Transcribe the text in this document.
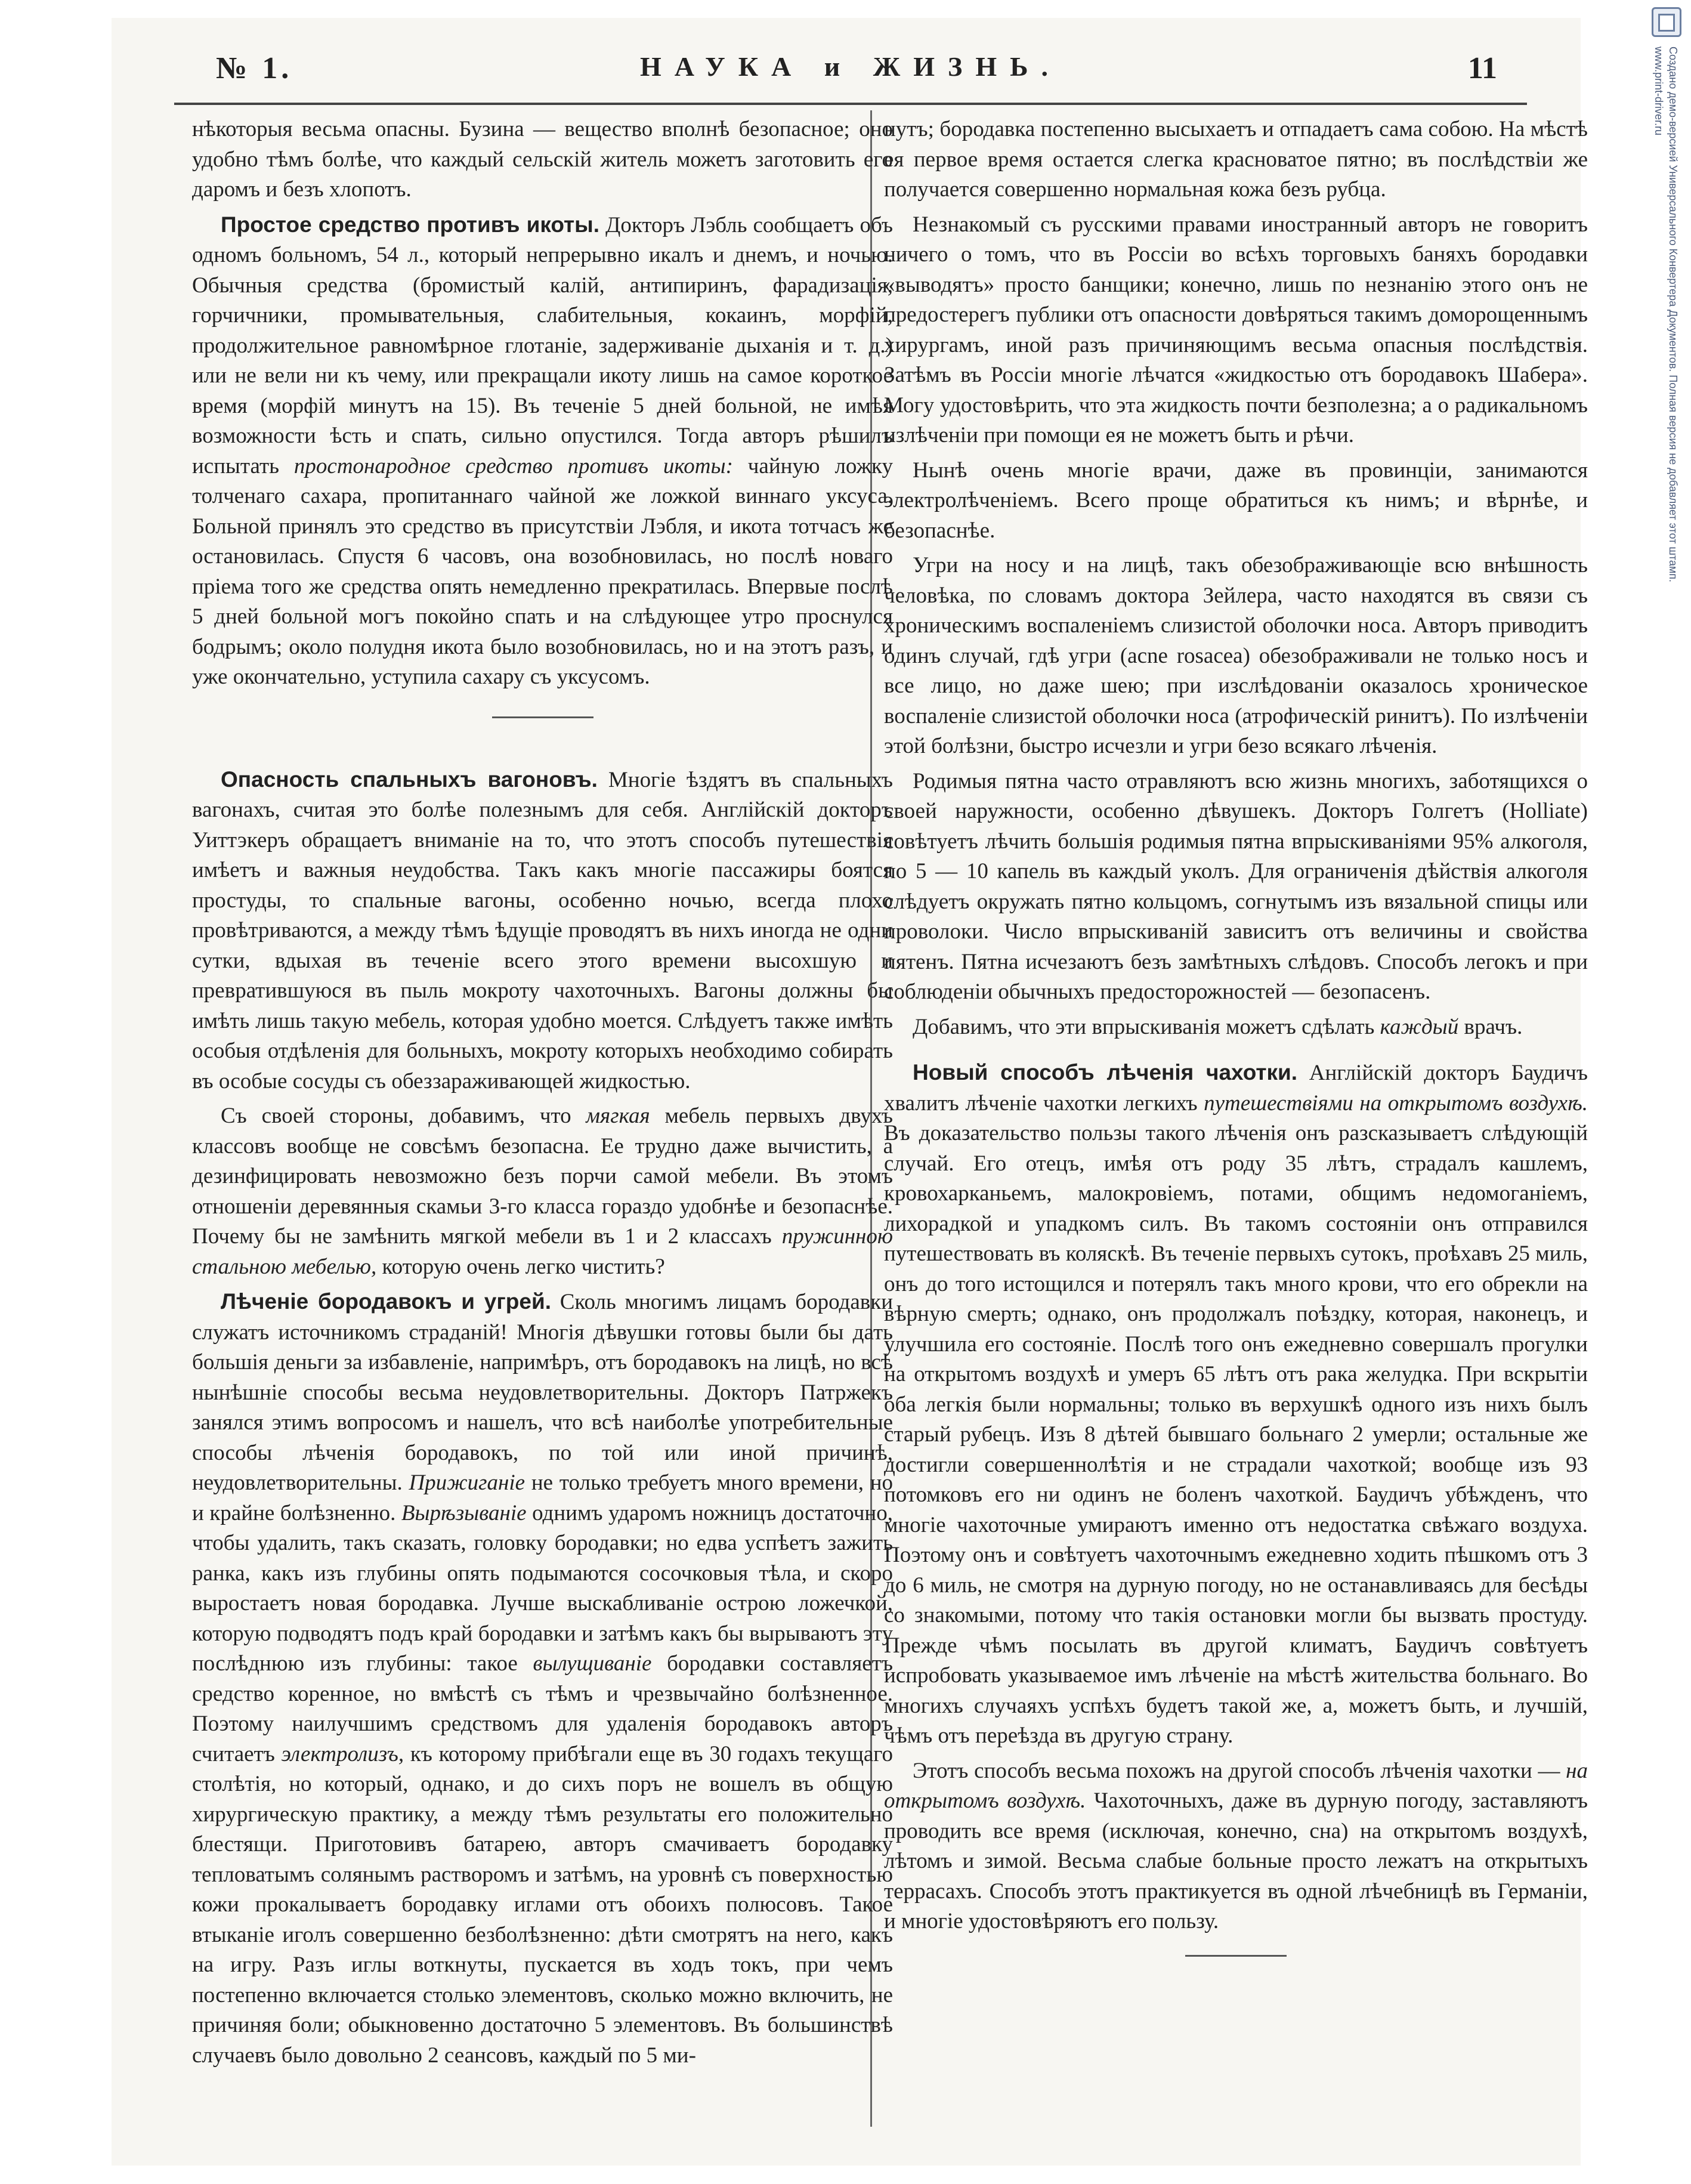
№ 1.	НАУКА и ЖИЗНЬ.	11

нѣкоторыя весьма опасны. Бузина — вещество вполнѣ безопасное; оно удобно тѣмъ болѣе, что каждый сельскій житель можетъ заготовить его даромъ и безъ хлопотъ.

Простое средство противъ икоты. Докторъ Лэбль сообщаетъ объ одномъ больномъ, 54 л., который непрерывно икалъ и днемъ, и ночью. Обычныя средства (бромистый калій, антипиринъ, фарадизація, горчичники, промывательныя, слабительныя, кокаинъ, морфій, продолжительное равномѣрное глотаніе, задерживаніе дыханія и т. д.) или не вели ни къ чему, или прекращали икоту лишь на самое короткое время (морфій минутъ на 15). Въ теченіе 5 дней больной, не имѣя возможности ѣсть и спать, сильно опустился. Тогда авторъ рѣшилъ испытать простонародное средство противъ икоты: чайную ложку толченаго сахара, пропитаннаго чайной же ложкой виннаго уксуса. Больной принялъ это средство въ присутствіи Лэбля, и икота тотчасъ же остановилась. Спустя 6 часовъ, она возобновилась, но послѣ новаго пріема того же средства опять немедленно прекратилась. Впервые послѣ 5 дней больной могъ покойно спать и на слѣдующее утро проснулся бодрымъ; около полудня икота было возобновилась, но и на этотъ разъ, и уже окончательно, уступила сахару съ уксусомъ.

Опасность спальныхъ вагоновъ. Многіе ѣздятъ въ спальныхъ вагонахъ, считая это болѣе полезнымъ для себя. Англійскій докторъ Уиттэкеръ обращаетъ вниманіе на то, что этотъ способъ путешествія имѣетъ и важныя неудобства. Такъ какъ многіе пассажиры боятся простуды, то спальные вагоны, особенно ночью, всегда плохо провѣтриваются, а между тѣмъ ѣдущіе проводятъ въ нихъ иногда не одни сутки, вдыхая въ теченіе всего этого времени высохшую и превратившуюся въ пыль мокроту чахоточныхъ. Вагоны должны бы имѣть лишь такую мебель, которая удобно моется. Слѣдуетъ также имѣть особыя отдѣленія для больныхъ, мокроту которыхъ необходимо собирать въ особые сосуды съ обеззараживающей жидкостью.

Съ своей стороны, добавимъ, что мягкая мебель первыхъ двухъ классовъ вообще не совсѣмъ безопасна. Ее трудно даже вычистить, а дезинфицировать невозможно безъ порчи самой мебели. Въ этомъ отношеніи деревянныя скамьи 3-го класса гораздо удобнѣе и безопаснѣе. Почему бы не замѣнить мягкой мебели въ 1 и 2 классахъ пружинною стальною мебелью, которую очень легко чистить?

Лѣченіе бородавокъ и угрей. Сколь многимъ лицамъ бородавки служатъ источникомъ страданій! Многія дѣвушки готовы были бы дать большія деньги за избавленіе, напримѣръ, отъ бородавокъ на лицѣ, но всѣ нынѣшніе способы весьма неудовлетворительны. Докторъ Патржекъ занялся этимъ вопросомъ и нашелъ, что всѣ наиболѣе употребительные способы лѣченія бородавокъ, по той или иной причинѣ, неудовлетворительны. Прижиганіе не только требуетъ много времени, но и крайне болѣзненно. Вырѣзываніе однимъ ударомъ ножницъ достаточно, чтобы удалить, такъ сказать, головку бородавки; но едва успѣетъ зажить ранка, какъ изъ глубины опять подымаются сосочковыя тѣла, и скоро выростаетъ новая бородавка. Лучше выскабливаніе острою ложечкой, которую подводятъ подъ край бородавки и затѣмъ какъ бы вырываютъ эту послѣднюю изъ глубины: такое вылущиваніе бородавки составляетъ средство коренное, но вмѣстѣ съ тѣмъ и чрезвычайно болѣзненное. Поэтому наилучшимъ средствомъ для удаленія бородавокъ авторъ считаетъ электролизъ, къ которому прибѣгали еще въ 30 годахъ текущаго столѣтія, но который, однако, и до сихъ поръ не вошелъ въ общую хирургическую практику, а между тѣмъ результаты его положительно блестящи. Приготовивъ батарею, авторъ смачиваетъ бородавку тепловатымъ солянымъ растворомъ и затѣмъ, на уровнѣ съ поверхностью кожи прокалываетъ бородавку иглами отъ обоихъ полюсовъ. Такое втыканіе иголъ совершенно безболѣзненно: дѣти смотрятъ на него, какъ на игру. Разъ иглы воткнуты, пускается въ ходъ токъ, при чемъ постепенно включается столько элементовъ, сколько можно включить, не причиняя боли; обыкновенно достаточно 5 элементовъ. Въ большинствѣ случаевъ было довольно 2 сеансовъ, каждый по 5 ми-

нутъ; бородавка постепенно высыхаетъ и отпадаетъ сама собою. На мѣстѣ ея первое время остается слегка красноватое пятно; въ послѣдствіи же получается совершенно нормальная кожа безъ рубца.

Незнакомый съ русскими правами иностранный авторъ не говоритъ ничего о томъ, что въ Россіи во всѣхъ торговыхъ баняхъ бородавки «выводятъ» просто банщики; конечно, лишь по незнанію этого онъ не предостерегъ публики отъ опасности довѣряться такимъ доморощеннымъ хирургамъ, иной разъ причиняющимъ весьма опасныя послѣдствія. Затѣмъ въ Россіи многіе лѣчатся «жидкостью отъ бородавокъ Шабера». Могу удостовѣрить, что эта жидкость почти безполезна; а о радикальномъ излѣченіи при помощи ея не можетъ быть и рѣчи.

Нынѣ очень многіе врачи, даже въ провинціи, занимаются электролѣченіемъ. Всего проще обратиться къ нимъ; и вѣрнѣе, и безопаснѣе.

Угри на носу и на лицѣ, такъ обезображивающіе всю внѣшность человѣка, по словамъ доктора Зейлера, часто находятся въ связи съ хроническимъ воспаленіемъ слизистой оболочки носа. Авторъ приводитъ одинъ случай, гдѣ угри (acne rosacea) обезображивали не только носъ и все лицо, но даже шею; при изслѣдованіи оказалось хроническое воспаленіе слизистой оболочки носа (атрофическій ринитъ). По излѣченіи этой болѣзни, быстро исчезли и угри безо всякаго лѣченія.

Родимыя пятна часто отравляютъ всю жизнь многихъ, заботящихся о своей наружности, особенно дѣвушекъ. Докторъ Голгетъ (Holliate) совѣтуетъ лѣчить большія родимыя пятна впрыскиваніями 95% алкоголя, по 5 — 10 капель въ каждый уколъ. Для ограниченія дѣйствія алкоголя слѣдуетъ окружать пятно кольцомъ, согнутымъ изъ вязальной спицы или проволоки. Число впрыскиваній зависитъ отъ величины и свойства пятенъ. Пятна исчезаютъ безъ замѣтныхъ слѣдовъ. Способъ легокъ и при соблюденіи обычныхъ предосторожностей — безопасенъ.

Добавимъ, что эти впрыскиванія можетъ сдѣлать каждый врачъ.

Новый способъ лѣченія чахотки. Англійскій докторъ Баудичъ хвалитъ лѣченіе чахотки легкихъ путешествіями на открытомъ воздухѣ. Въ доказательство пользы такого лѣченія онъ разсказываетъ слѣдующій случай. Его отецъ, имѣя отъ роду 35 лѣтъ, страдалъ кашлемъ, кровохарканьемъ, малокровіемъ, потами, общимъ недомоганіемъ, лихорадкой и упадкомъ силъ. Въ такомъ состояніи онъ отправился путешествовать въ коляскѣ. Въ теченіе первыхъ сутокъ, проѣхавъ 25 миль, онъ до того истощился и потерялъ такъ много крови, что его обрекли на вѣрную смерть; однако, онъ продолжалъ поѣздку, которая, наконецъ, и улучшила его состояніе. Послѣ того онъ ежедневно совершалъ прогулки на открытомъ воздухѣ и умеръ 65 лѣтъ отъ рака желудка. При вскрытіи оба легкія были нормальны; только въ верхушкѣ одного изъ нихъ былъ старый рубецъ. Изъ 8 дѣтей бывшаго больнаго 2 умерли; остальные же достигли совершеннолѣтія и не страдали чахоткой; вообще изъ 93 потомковъ его ни одинъ не боленъ чахоткой. Баудичъ убѣжденъ, что многіе чахоточные умираютъ именно отъ недостатка свѣжаго воздуха. Поэтому онъ и совѣтуетъ чахоточнымъ ежедневно ходить пѣшкомъ отъ 3 до 6 миль, не смотря на дурную погоду, но не останавливаясь для бесѣды со знакомыми, потому что такія остановки могли бы вызвать простуду. Прежде чѣмъ посылать въ другой климатъ, Баудичъ совѣтуетъ испробовать указываемое имъ лѣченіе на мѣстѣ жительства больнаго. Во многихъ случаяхъ успѣхъ будетъ такой же, а, можетъ быть, и лучшій, чѣмъ отъ переѣзда въ другую страну.

Этотъ способъ весьма похожъ на другой способъ лѣченія чахотки — на открытомъ воздухѣ. Чахоточныхъ, даже въ дурную погоду, заставляютъ проводить все время (исключая, конечно, сна) на открытомъ воздухѣ, лѣтомъ и зимой. Весьма слабые больные просто лежатъ на открытыхъ террасахъ. Способъ этотъ практикуется въ одной лѣчебницѣ въ Германіи, и многіе удостовѣряютъ его пользу.

Создано демо-версией Универсального Конвертера Документов. Полная версия не добавляет этот штамп.
www.print-driver.ru
